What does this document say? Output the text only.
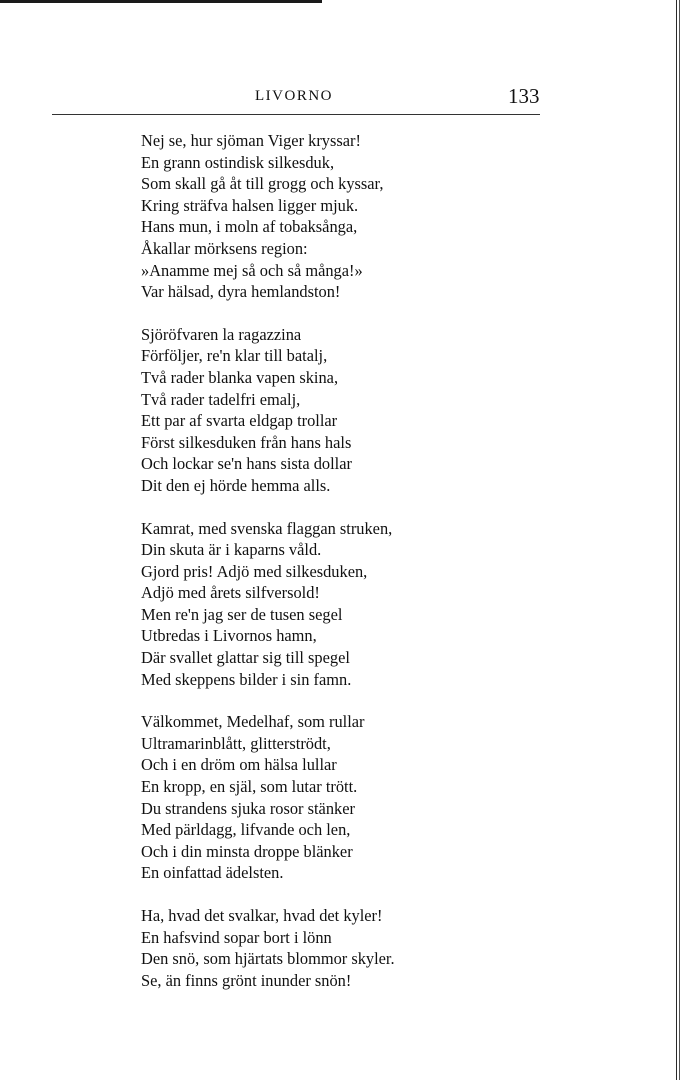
LIVORNO	133
Nej se, hur sjöman Viger kryssar!
En grann ostindisk silkesduk,
Som skall gå åt till grogg och kyssar,
Kring sträfva halsen ligger mjuk.
Hans mun, i moln af tobaksånga,
Åkallar mörksens region:
»Anamme mej så och så många!»
Var hälsad, dyra hemlandston!
Sjöröfvaren la ragazzina
Förföljer, re'n klar till batalj,
Två rader blanka vapen skina,
Två rader tadelfri emalj,
Ett par af svarta eldgap trollar
Först silkesduken från hans hals
Och lockar se'n hans sista dollar
Dit den ej hörde hemma alls.
Kamrat, med svenska flaggan struken,
Din skuta är i kaparns våld.
Gjord pris! Adjö med silkesduken,
Adjö med årets silfversold!
Men re'n jag ser de tusen segel
Utbredas i Livornos hamn,
Där svallet glattar sig till spegel
Med skeppens bilder i sin famn.
Välkommet, Medelhaf, som rullar
Ultramarinblått, glitterströdt,
Och i en dröm om hälsa lullar
En kropp, en själ, som lutar trött.
Du strandens sjuka rosor stänker
Med pärldagg, lifvande och len,
Och i din minsta droppe blänker
En oinfattad ädelsten.
Ha, hvad det svalkar, hvad det kyler!
En hafsvind sopar bort i lönn
Den snö, som hjärtats blommor skyler.
Se, än finns grönt inunder snön!
